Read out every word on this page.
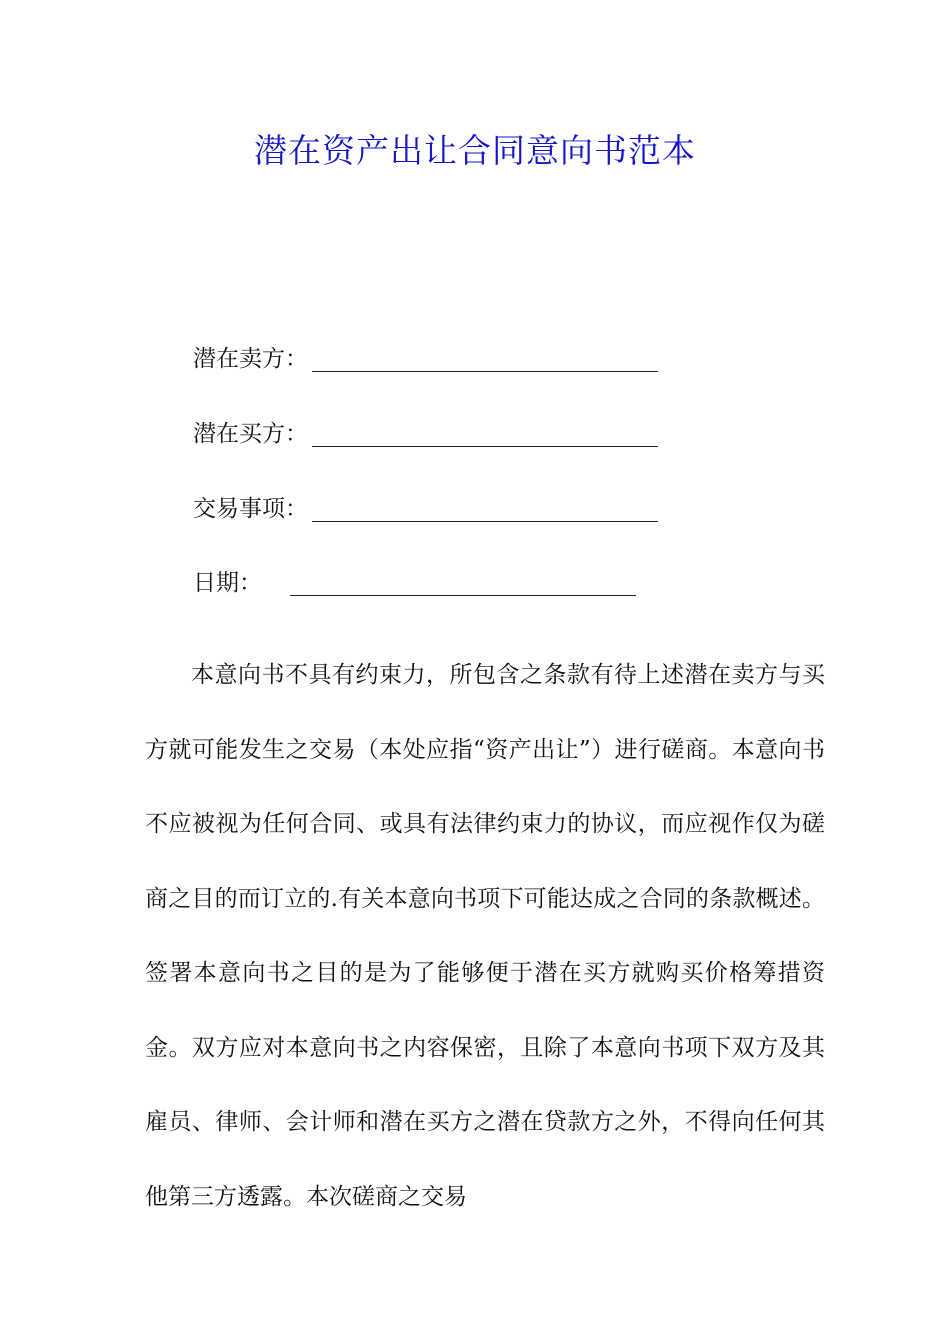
潜在资产出让合同意向书范本
潜在卖方：
潜在买方：
交易事项：
日期：

本意向书不具有约束力，所包含之条款有待上述潜在卖方与买方就可能发生之交易（本处应指“资产出让”）进行磋商。本意向书不应被视为任何合同、或具有法律约束力的协议，而应视作仅为磋商之目的而订立的.有关本意向书项下可能达成之合同的条款概述。签署本意向书之目的是为了能够便于潜在买方就购买价格筹措资金。双方应对本意向书之内容保密，且除了本意向书项下双方及其雇员、律师、会计师和潜在买方之潜在贷款方之外，不得向任何其他第三方透露。本次磋商之交易
